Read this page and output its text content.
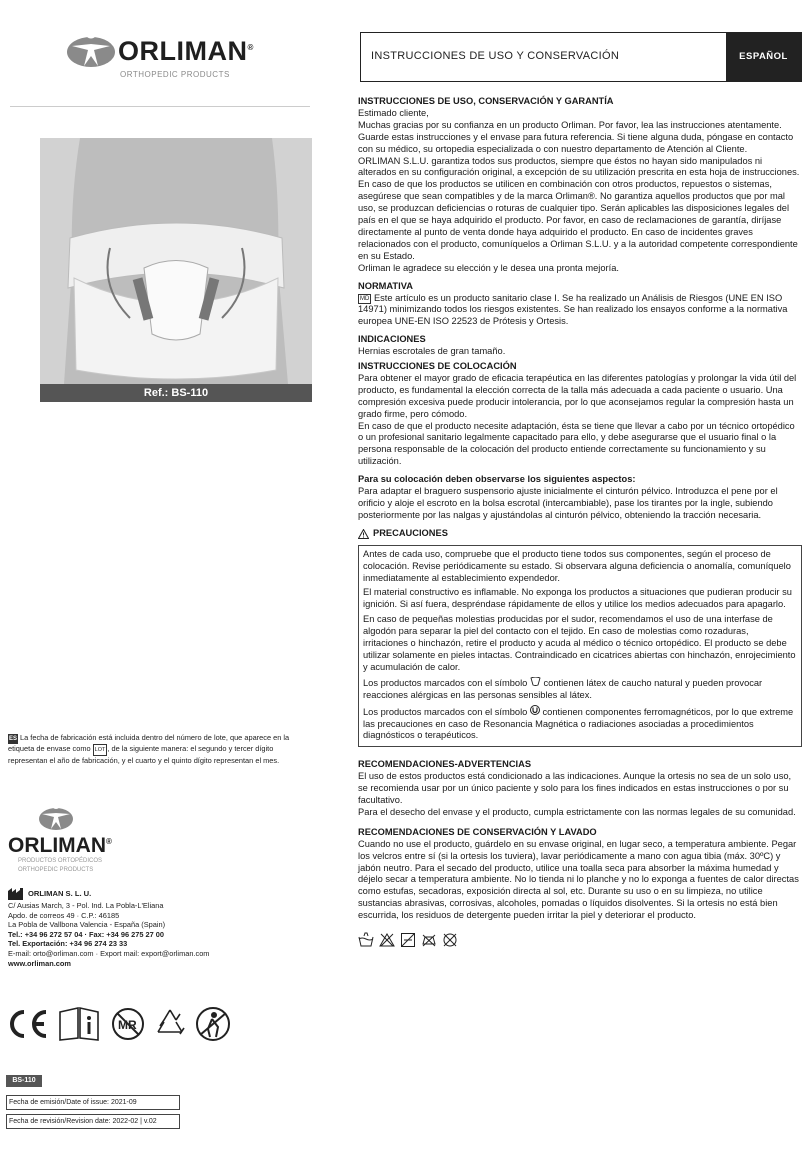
ORLIMAN®
ORTHOPEDIC PRODUCTS
Ref.: BS-110
ES La fecha de fabricación está incluida dentro del número de lote, que aparece en la etiqueta de envase como LOT , de la siguiente manera: el segundo y tercer dígito representan el año de fabricación, y el cuarto y el quinto dígito representan el mes.
ORLIMAN®
PRODUCTOS ORTOPÉDICOS
ORTHOPEDIC PRODUCTS
ORLIMAN S. L. U.
C/ Ausias March, 3 - Pol. Ind. La Pobla-L'Eliana
Apdo. de correos 49 · C.P.: 46185
La Pobla de Vallbona Valencia - España (Spain)
Tel.: +34 96 272 57 04 · Fax: +34 96 275 27 00
Tel. Exportación: +34 96 274 23 33
E-mail: orto@orliman.com · Export mail: export@orliman.com
www.orliman.com
MR
BS-110
Fecha de emisión/Date of issue: 2021-09
Fecha de revisión/Revision date: 2022-02 | v.02
INSTRUCCIONES DE USO Y CONSERVACIÓN	ESPAÑOL

INSTRUCCIONES DE USO, CONSERVACIÓN Y GARANTÍA

Estimado cliente,

Muchas gracias por su confianza en un producto Orliman. Por favor, lea las instrucciones atentamente. Guarde estas instrucciones y el envase para futura referencia. Si tiene alguna duda, póngase en contacto con su médico, su ortopedia especializada o con nuestro departamento de Atención al Cliente.

ORLIMAN S.L.U. garantiza todos sus productos, siempre que éstos no hayan sido manipulados ni alterados en su configuración original, a excepción de su utilización prescrita en esta hoja de instrucciones. En caso de que los productos se utilicen en combinación con otros productos, repuestos o sistemas, asegúrese que sean compatibles y de la marca Orliman®. No garantiza aquellos productos que por mal uso, se produzcan deficiencias o roturas de cualquier tipo. Serán aplicables las disposiciones legales del país en el que se haya adquirido el producto. Por favor, en caso de reclamaciones de garantía, diríjase directamente al punto de venta donde haya adquirido el producto. En caso de incidentes graves relacionados con el producto, comuníquelos a Orliman S.L.U. y a la autoridad competente correspondiente en su Estado.

Orliman le agradece su elección y le desea una pronta mejoría.

NORMATIVA

MD Este artículo es un producto sanitario clase I. Se ha realizado un Análisis de Riesgos (UNE EN ISO 14971) minimizando todos los riesgos existentes. Se han realizado los ensayos conforme a la normativa europea UNE-EN ISO 22523 de Prótesis y Ortesis.

INDICACIONES

Hernias escrotales de gran tamaño.

INSTRUCCIONES DE COLOCACIÓN

Para obtener el mayor grado de eficacia terapéutica en las diferentes patologías y prolongar la vida útil del producto, es fundamental la elección correcta de la talla más adecuada a cada paciente o usuario. Una compresión excesiva puede producir intolerancia, por lo que aconsejamos regular la compresión hasta un grado firme, pero cómodo.

En caso de que el producto necesite adaptación, ésta se tiene que llevar a cabo por un técnico ortopédico o un profesional sanitario legalmente capacitado para ello, y debe asegurarse que el usuario final o la persona responsable de la colocación del producto entiende correctamente su funcionamiento y su utilización.

Para su colocación deben observarse los siguientes aspectos:

Para adaptar el braguero suspensorio ajuste inicialmente el cinturón pélvico. Introduzca el pene por el orificio y aloje el escroto en la bolsa escrotal (intercambiable), pase los tirantes por la ingle, subiendo posteriormente por las nalgas y ajustándolas al cinturón pélvico, obteniendo la tracción necesaria.

PRECAUCIONES

Antes de cada uso, compruebe que el producto tiene todos sus componentes, según el proceso de colocación. Revise periódicamente su estado. Si observara alguna deficiencia o anomalía, comuníquelo inmediatamente al establecimiento expendedor.

El material constructivo es inflamable. No exponga los productos a situaciones que pudieran producir su ignición. Si así fuera, despréndase rápidamente de ellos y utilice los medios adecuados para apagarlo.

En caso de pequeñas molestias producidas por el sudor, recomendamos el uso de una interfase de algodón para separar la piel del contacto con el tejido. En caso de molestias como rozaduras, irritaciones o hinchazón, retire el producto y acuda al médico o técnico ortopédico. El producto se debe utilizar solamente en pieles intactas. Contraindicado en cicatrices abiertas con hinchazón, enrojecimiento y acumulación de calor.

Los productos marcados con el símbolo contienen látex de caucho natural y pueden provocar reacciones alérgicas en las personas sensibles al látex.

Los productos marcados con el símbolo contienen componentes ferromagnéticos, por lo que extreme las precauciones en caso de Resonancia Magnética o radiaciones asociadas a procedimientos diagnósticos o terapéuticos.

RECOMENDACIONES-ADVERTENCIAS

El uso de estos productos está condicionado a las indicaciones. Aunque la ortesis no sea de un solo uso, se recomienda usar por un único paciente y solo para los fines indicados en estas instrucciones o por su facultativo.

Para el desecho del envase y el producto, cumpla estrictamente con las normas legales de su comunidad.

RECOMENDACIONES DE CONSERVACIÓN Y LAVADO

Cuando no use el producto, guárdelo en su envase original, en lugar seco, a temperatura ambiente. Pegar los velcros entre sí (si la ortesis los tuviera), lavar periódicamente a mano con agua tibia (máx. 30ºC) y jabón neutro. Para el secado del producto, utilice una toalla seca para absorber la máxima humedad y déjelo secar a temperatura ambiente. No lo tienda ni lo planche y no lo exponga a fuentes de calor directas como estufas, secadoras, exposición directa al sol, etc. Durante su uso o en su limpieza, no utilice sustancias abrasivas, corrosivas, alcoholes, pomadas o líquidos disolventes. Si la ortesis no está bien escurrida, los residuos de detergente pueden irritar la piel y deteriorar el producto.
